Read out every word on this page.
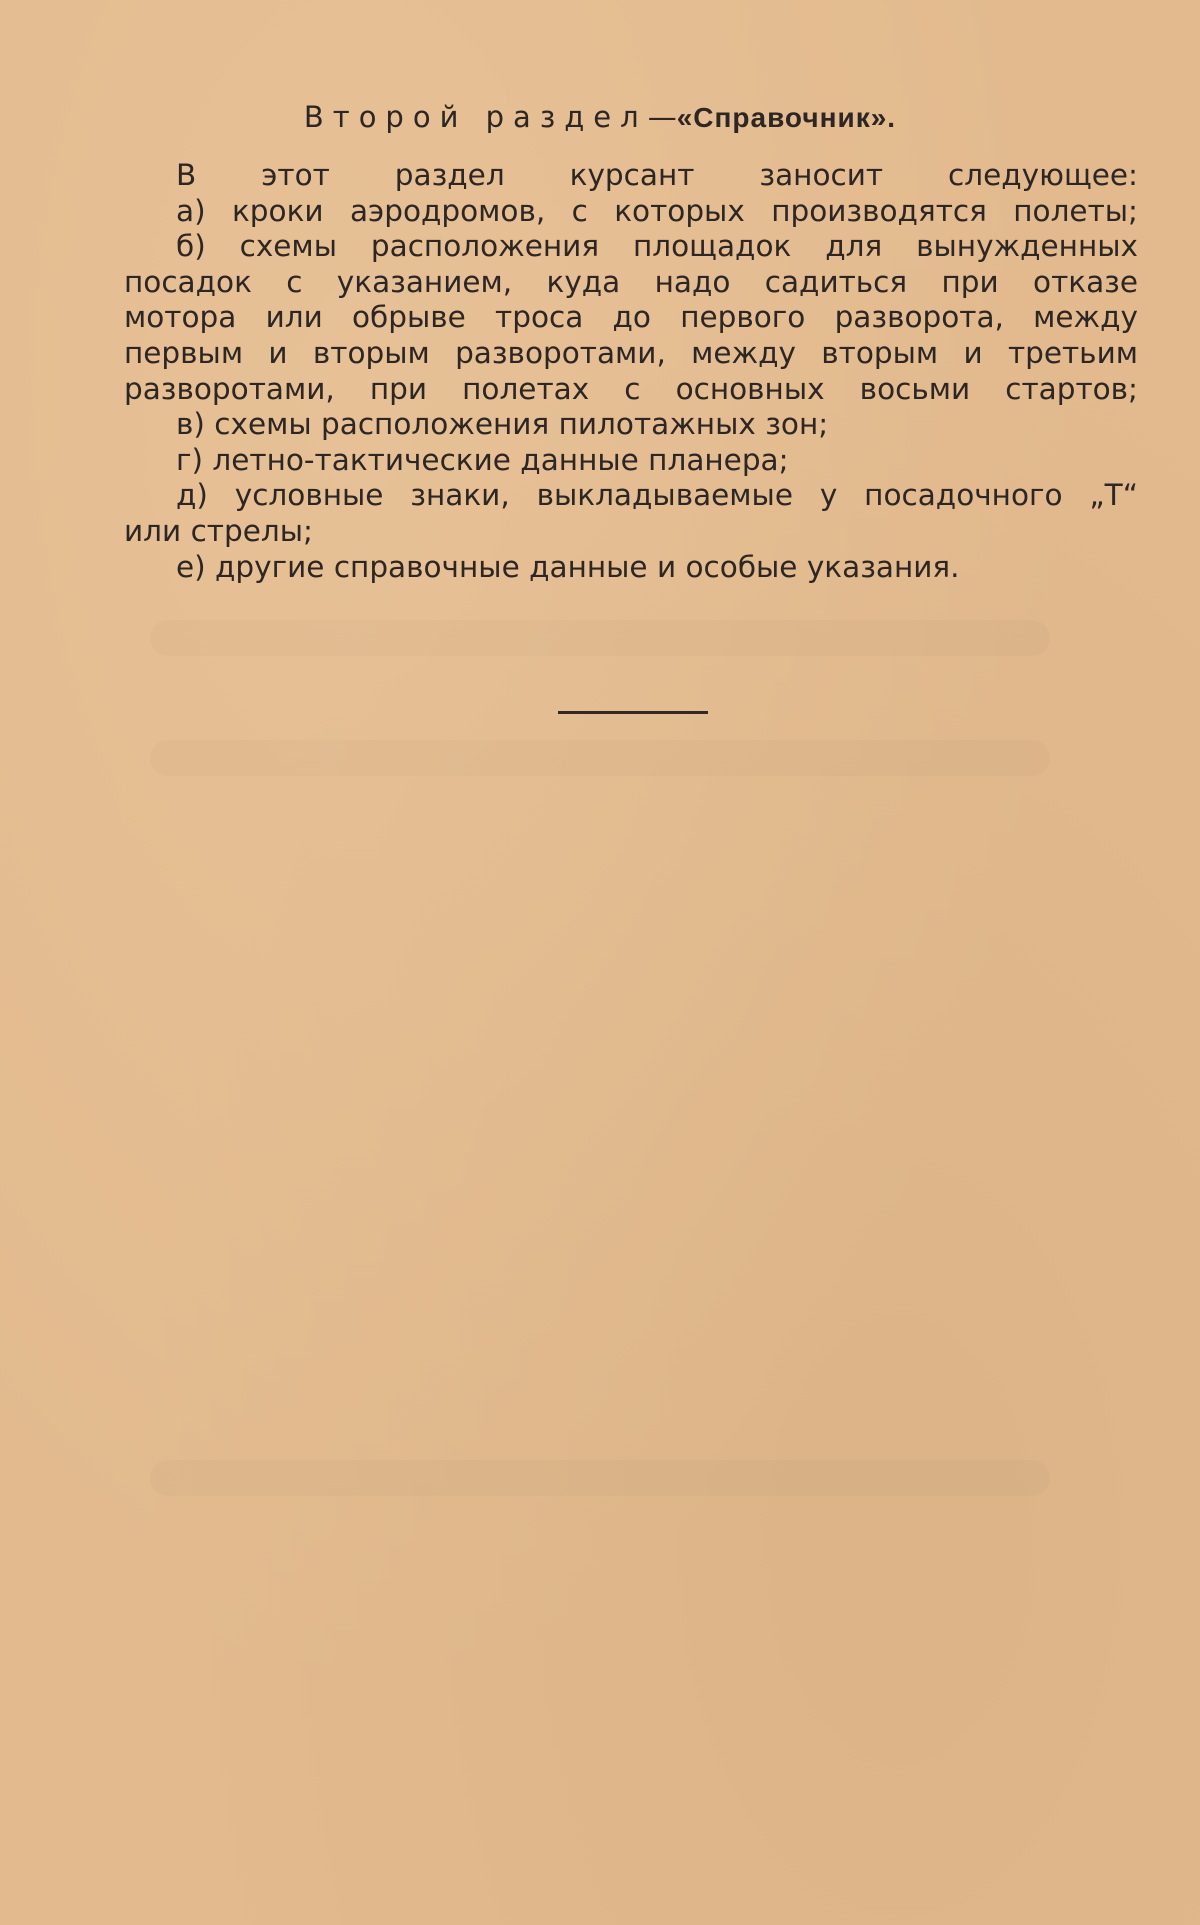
Второй раздел—«Справочник».
В этот раздел курсант заносит следующее:
а) кроки аэродромов, с которых производятся полеты;
б) схемы расположения площадок для вынужденных
посадок с указанием, куда надо садиться при отказе
мотора или обрыве троса до первого разворота, между
первым и вторым разворотами, между вторым и третьим
разворотами, при полетах с основных восьми стартов;
в) схемы расположения пилотажных зон;
г) летно-тактические данные планера;
д) условные знаки, выкладываемые у посадочного „Т“
или стрелы;
е) другие справочные данные и особые указания.
